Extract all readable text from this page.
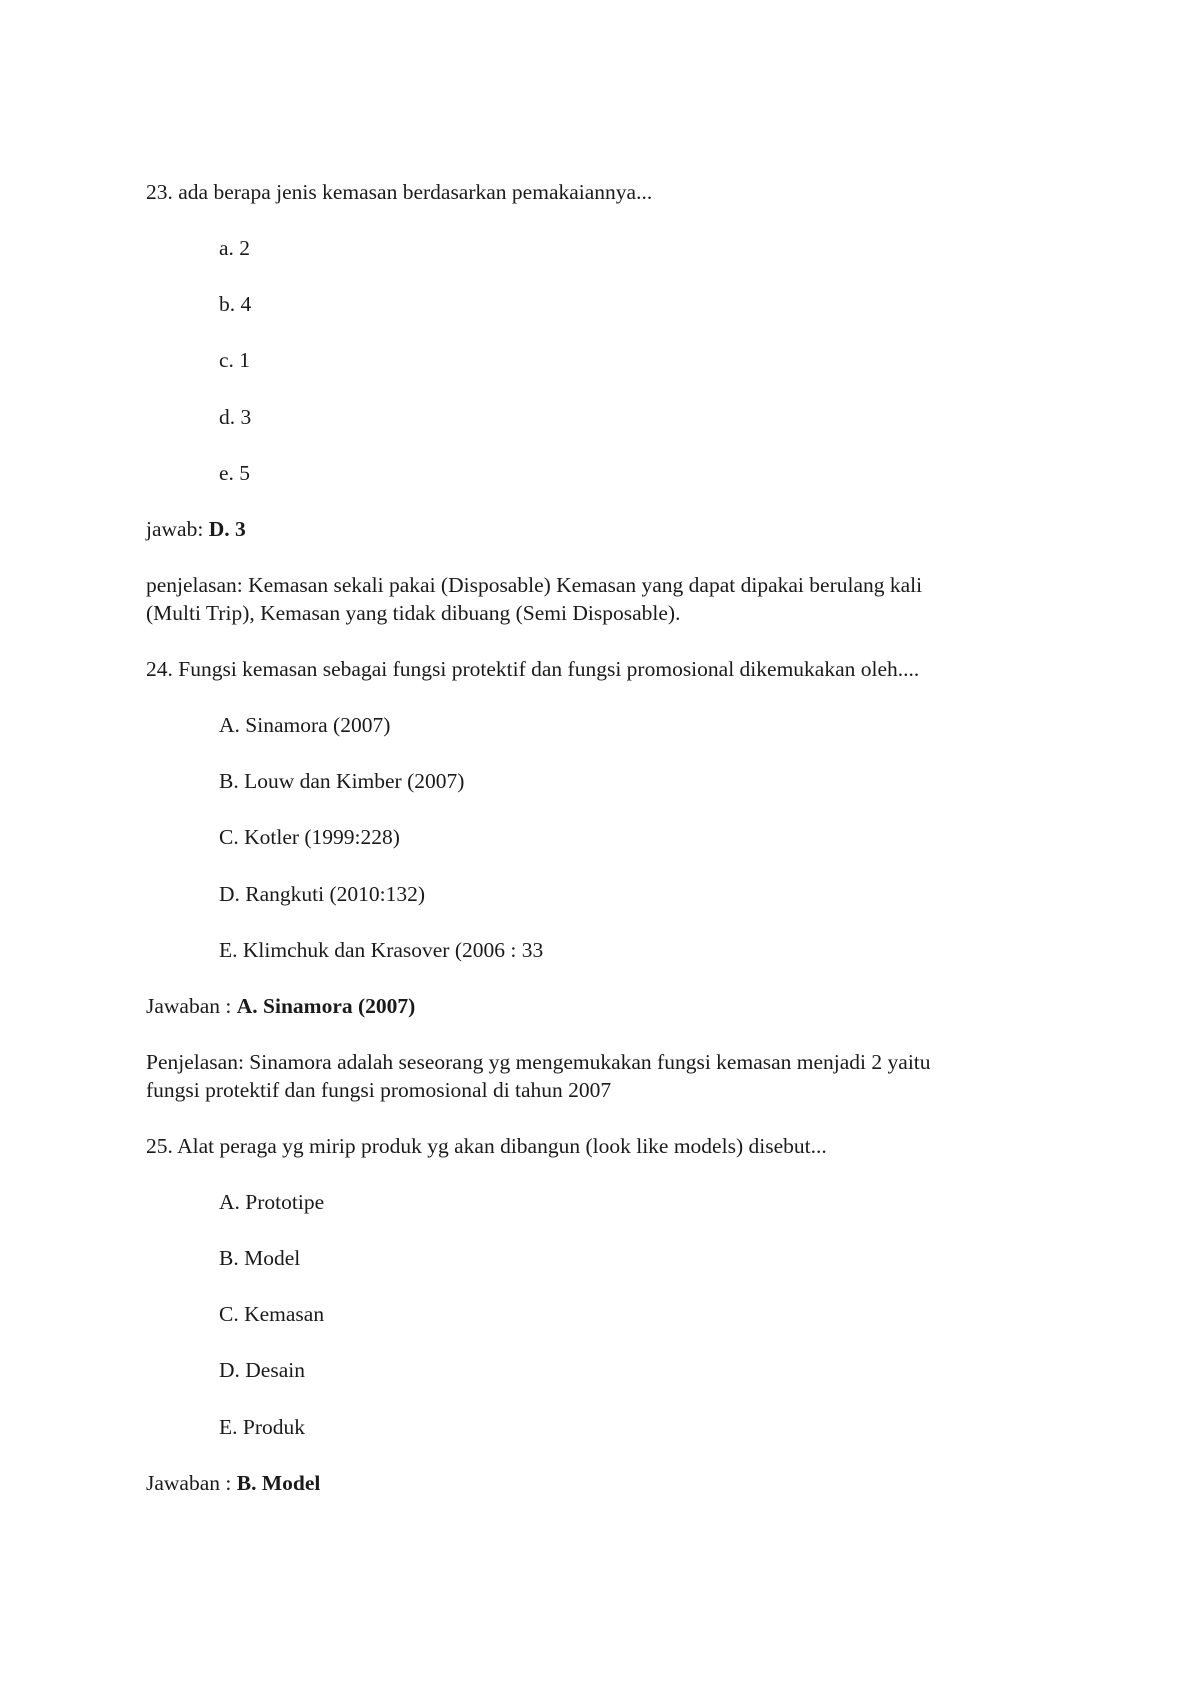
23. ada berapa jenis kemasan berdasarkan pemakaiannya...
a. 2
b. 4
c. 1
d. 3
e. 5
jawab: D. 3
penjelasan: Kemasan sekali pakai (Disposable) Kemasan yang dapat dipakai berulang kali
(Multi Trip), Kemasan yang tidak dibuang (Semi Disposable).
24. Fungsi kemasan sebagai fungsi protektif dan fungsi promosional dikemukakan oleh....
A. Sinamora (2007)
B. Louw dan Kimber (2007)
C. Kotler (1999:228)
D. Rangkuti (2010:132)
E. Klimchuk dan Krasover (2006 : 33
Jawaban : A. Sinamora (2007)
Penjelasan: Sinamora adalah seseorang yg mengemukakan fungsi kemasan menjadi 2 yaitu
fungsi protektif dan fungsi promosional di tahun 2007
25. Alat peraga yg mirip produk yg akan dibangun (look like models) disebut...
A. Prototipe
B. Model
C. Kemasan
D. Desain
E. Produk
Jawaban : B. Model
